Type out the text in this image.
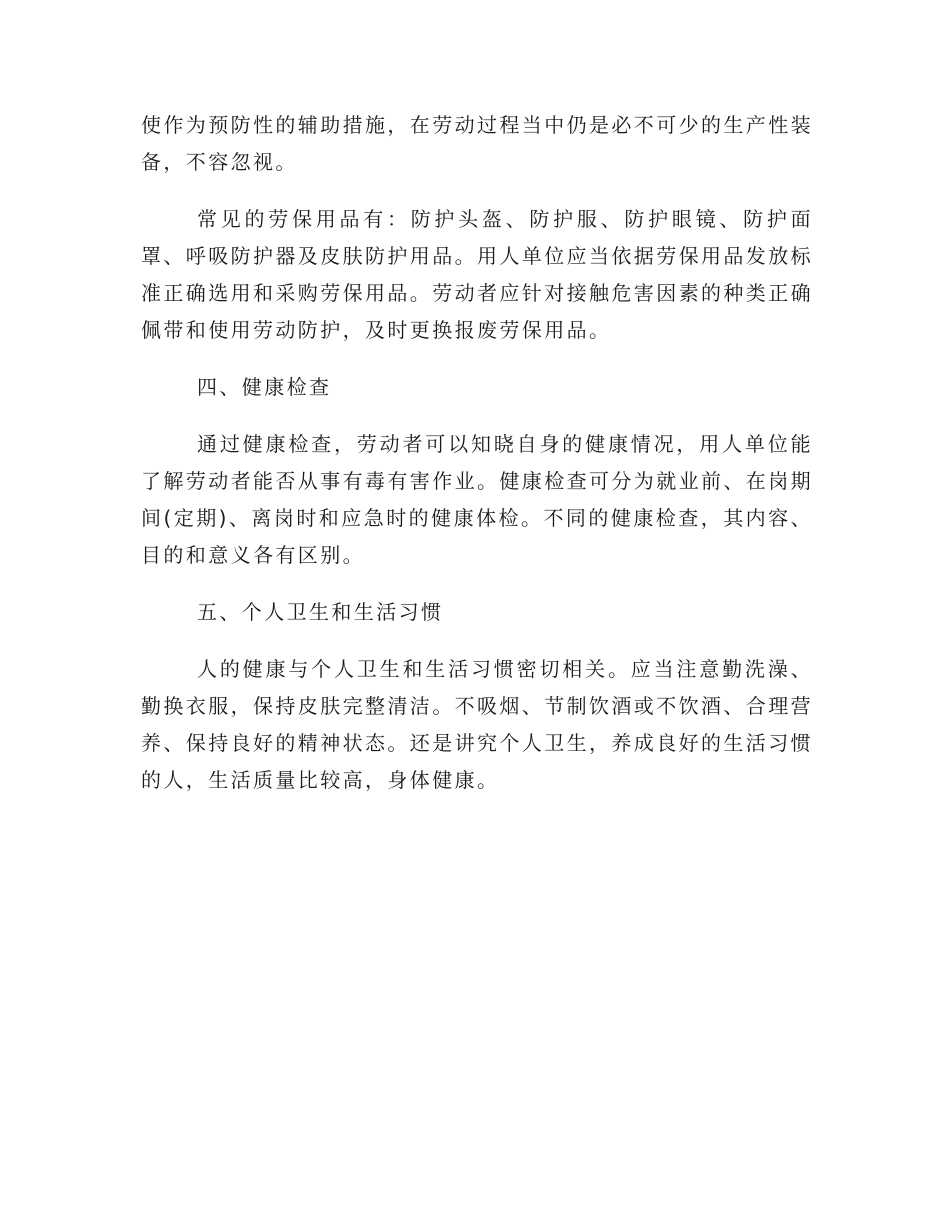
使作为预防性的辅助措施，在劳动过程当中仍是必不可少的生产性装备，不容忽视。

常见的劳保用品有：防护头盔、防护服、防护眼镜、防护面罩、呼吸防护器及皮肤防护用品。用人单位应当依据劳保用品发放标准正确选用和采购劳保用品。劳动者应针对接触危害因素的种类正确佩带和使用劳动防护，及时更换报废劳保用品。

四、健康检查

通过健康检查，劳动者可以知晓自身的健康情况，用人单位能了解劳动者能否从事有毒有害作业。健康检查可分为就业前、在岗期间(定期)、离岗时和应急时的健康体检。不同的健康检查，其内容、目的和意义各有区别。

五、个人卫生和生活习惯

人的健康与个人卫生和生活习惯密切相关。应当注意勤洗澡、勤换衣服，保持皮肤完整清洁。不吸烟、节制饮酒或不饮酒、合理营养、保持良好的精神状态。还是讲究个人卫生，养成良好的生活习惯的人，生活质量比较高，身体健康。
